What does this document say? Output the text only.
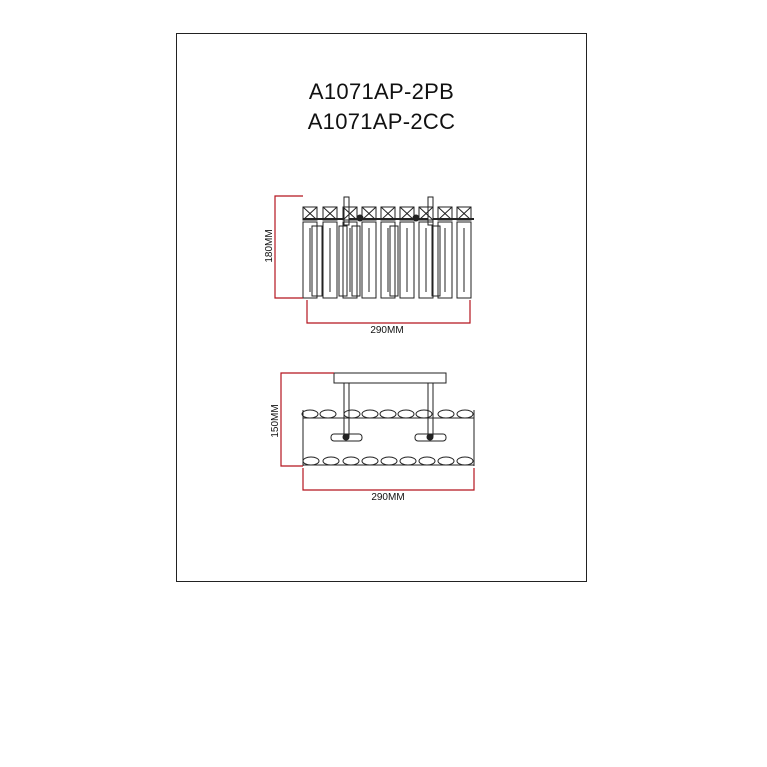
A1071AP-2PB
A1071AP-2CC
180MM
290MM
150MM
290MM
